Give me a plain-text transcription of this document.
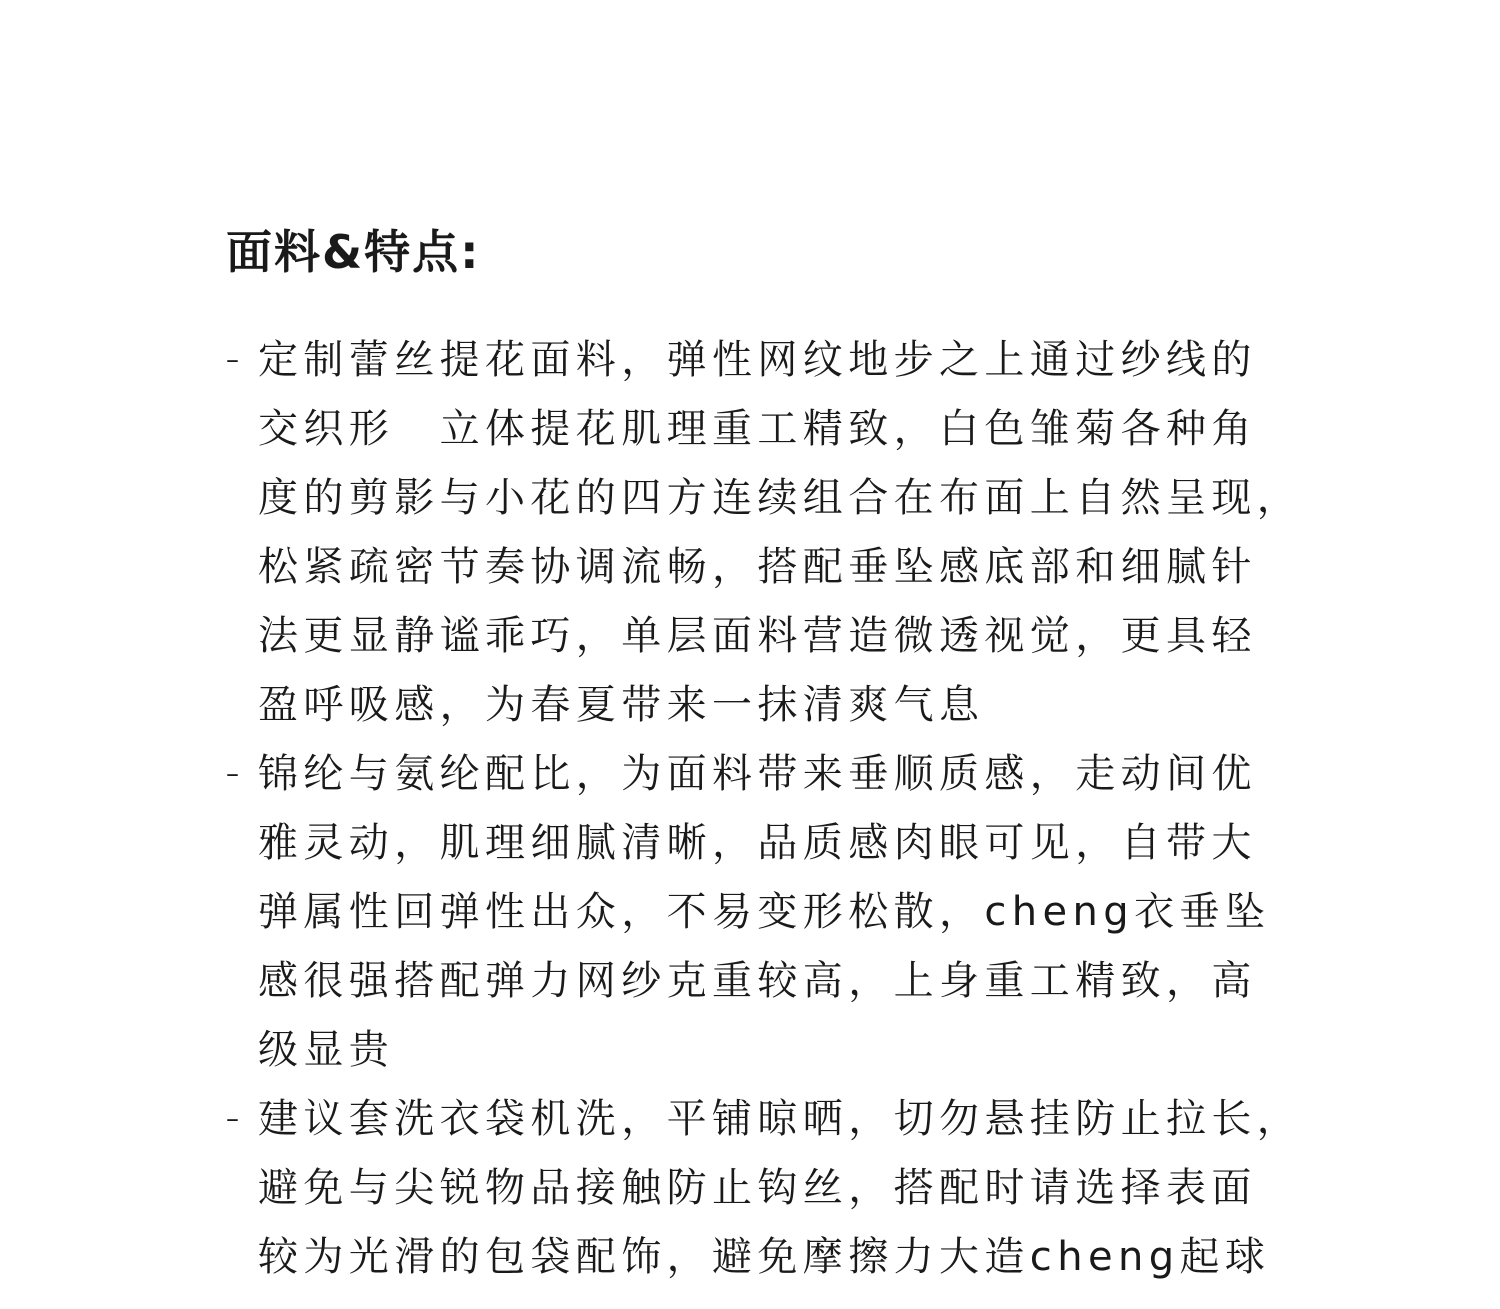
面料&特点:
– 定制蕾丝提花面料，弹性网纹地步之上通过纱线的
交织形　立体提花肌理重工精致，白色雏菊各种角
度的剪影与小花的四方连续组合在布面上自然呈现，
松紧疏密节奏协调流畅，搭配垂坠感底部和细腻针
法更显静谧乖巧，单层面料营造微透视觉，更具轻
盈呼吸感，为春夏带来一抹清爽气息
– 锦纶与氨纶配比，为面料带来垂顺质感，走动间优
雅灵动，肌理细腻清晰，品质感肉眼可见，自带大
弹属性回弹性出众，不易变形松散，cheng衣垂坠
感很强搭配弹力网纱克重较高，上身重工精致，高
级显贵
– 建议套洗衣袋机洗，平铺晾晒，切勿悬挂防止拉长，
避免与尖锐物品接触防止钩丝，搭配时请选择表面
较为光滑的包袋配饰，避免摩擦力大造cheng起球
